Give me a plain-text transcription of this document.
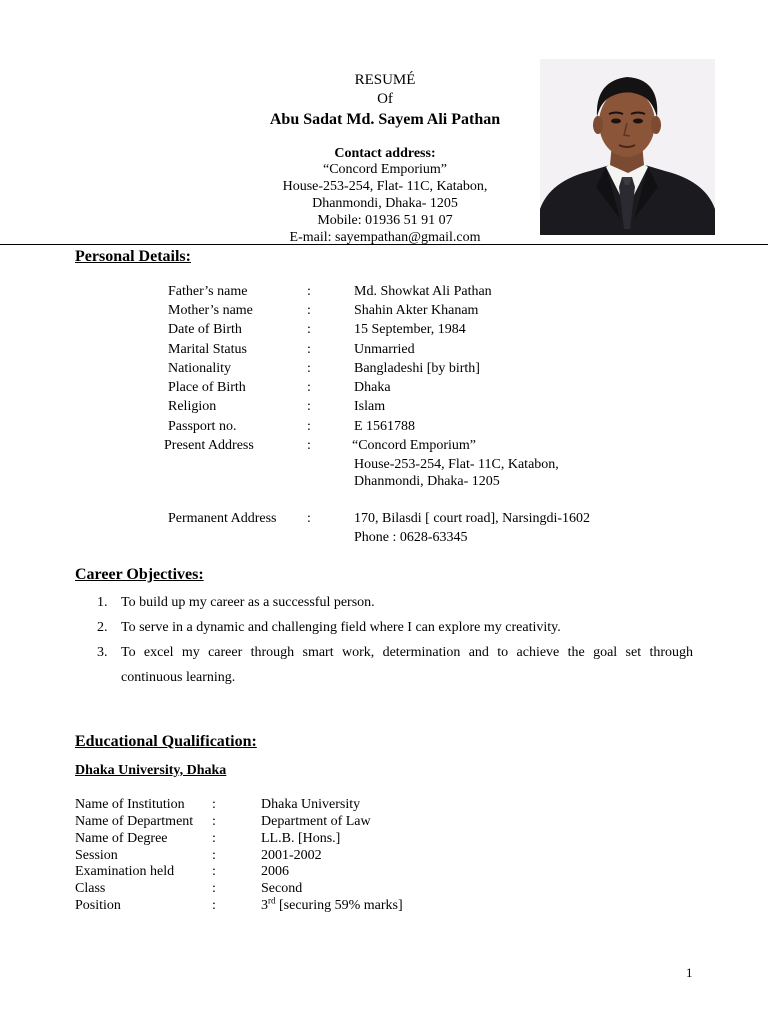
RESUMÉ
Of
Abu Sadat Md. Sayem Ali Pathan
Contact address:
“Concord Emporium”
House-253-254, Flat- 11C, Katabon,
Dhanmondi, Dhaka- 1205
Mobile: 01936 51 91 07
E-mail: sayempathan@gmail.com
Personal Details:
Father’s name	:	Md. Showkat Ali Pathan
Mother’s name	:	Shahin Akter Khanam
Date of Birth	:	15 September, 1984
Marital Status	:	Unmarried
Nationality	:	Bangladeshi [by birth]
Place of Birth	:	Dhaka
Religion	:	Islam
Passport no.	:	E 1561788
Present Address	:	“Concord Emporium”
House-253-254, Flat- 11C, Katabon,
Dhanmondi, Dhaka- 1205
Permanent Address :	170, Bilasdi [ court road], Narsingdi-1602
Phone : 0628-63345
Career Objectives:
1. To build up my career as a successful person.
2. To serve in a dynamic and challenging field where I can explore my creativity.
3. To excel my career through smart work, determination and to achieve the goal set through
continuous learning.
Educational Qualification:
Dhaka University, Dhaka
Name of Institution :	Dhaka University
Name of Department :	Department of Law
Name of Degree	:	LL.B. [Hons.]
Session	:	2001-2002
Examination held	:	2006
Class	:	Second
Position	:	3rd [securing 59% marks]
1
